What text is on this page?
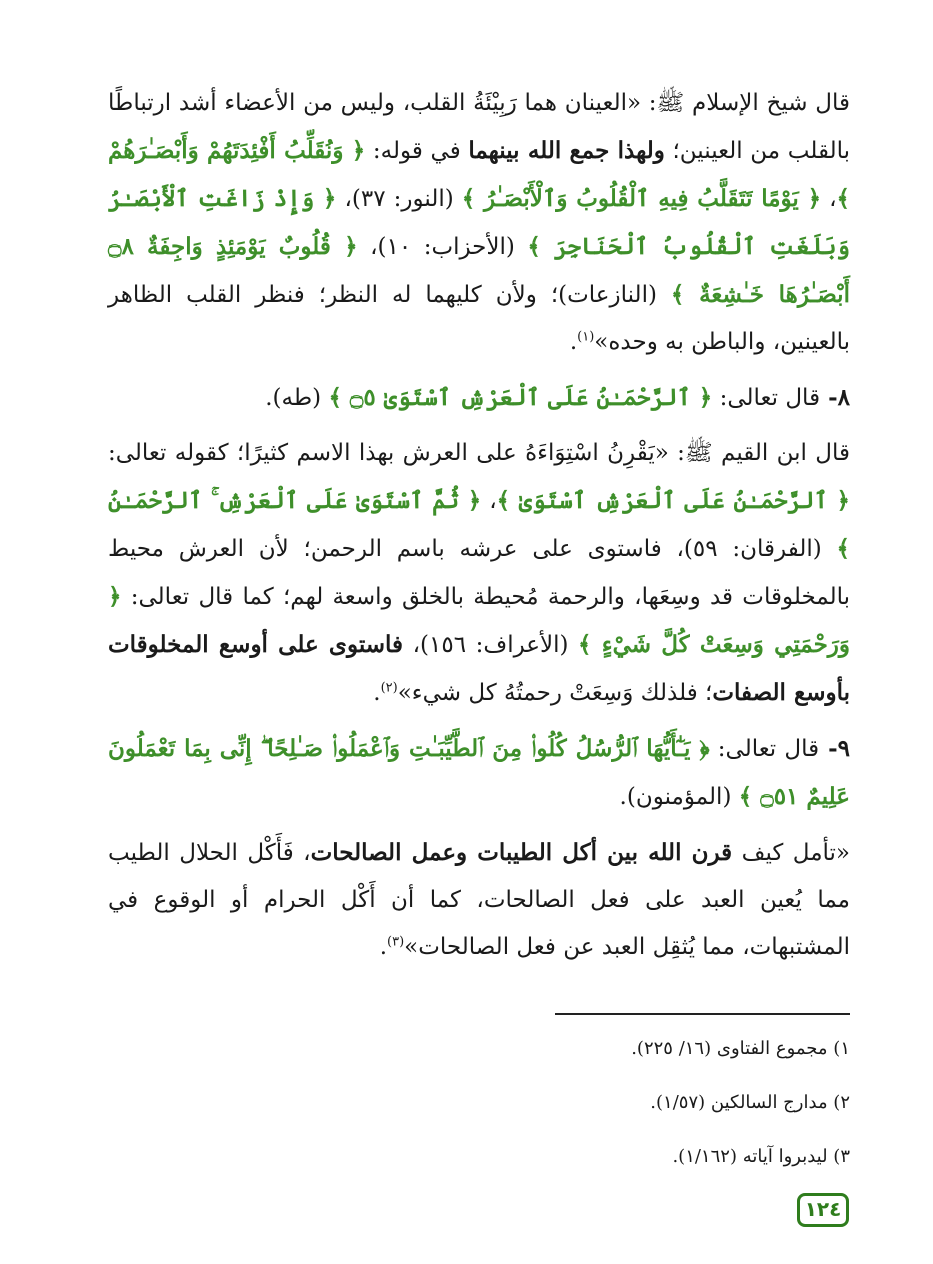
قال شيخ الإسلام ﷺ: «العينان هما رَبِيْئَةُ القلب، وليس من الأعضاء أشد ارتباطًا بالقلب من العينين؛ ولهذا جمع الله بينهما في قوله: ﴿ وَنُقَلِّبُ أَفْئِدَتَهُمْ وَأَبْصَـٰرَهُمْ ﴾، ﴿ يَوْمًا تَتَقَلَّبُ فِيهِ ٱلْقُلُوبُ وَٱلْأَبْصَـٰرُ ﴾ (النور: ٣٧)، ﴿ وَإِذْ زَاغَتِ ٱلْأَبْصَـٰرُ وَبَلَغَتِ ٱلْقُلُوبُ ٱلْحَنَاجِرَ ﴾ (الأحزاب: ١٠)، ﴿ قُلُوبٌ يَوْمَئِذٍ وَاجِفَةٌ ۝٨ أَبْصَـٰرُهَا خَـٰشِعَةٌ ﴾ (النازعات)؛ ولأن كليهما له النظر؛ فنظر القلب الظاهر بالعينين، والباطن به وحده»$^{(١)}$.

٨- قال تعالى: ﴿ ٱلرَّحْمَـٰنُ عَلَى ٱلْعَرْشِ ٱسْتَوَىٰ ۝٥ ﴾ (طه).

قال ابن القيم ﷺ: «يَقْرِنُ اسْتِوَاءَهُ على العرش بهذا الاسم كثيرًا؛ كقوله تعالى: ﴿ ٱلرَّحْمَـٰنُ عَلَى ٱلْعَرْشِ ٱسْتَوَىٰ ﴾، ﴿ ثُمَّ ٱسْتَوَىٰ عَلَى ٱلْعَرْشِ ۚ ٱلرَّحْمَـٰنُ ﴾ (الفرقان: ٥٩)، فاستوى على عرشه باسم الرحمن؛ لأن العرش محيط بالمخلوقات قد وسِعَها، والرحمة مُحيطة بالخلق واسعة لهم؛ كما قال تعالى: ﴿ وَرَحْمَتِي وَسِعَتْ كُلَّ شَيْءٍ ﴾ (الأعراف: ١٥٦)، فاستوى على أوسع المخلوقات بأوسع الصفات؛ فلذلك وَسِعَتْ رحمتُهُ كل شيء»$^{(٢)}$.

٩- قال تعالى: ﴿ يَـٰٓأَيُّهَا ٱلرُّسُلُ كُلُوا۟ مِنَ ٱلطَّيِّبَـٰتِ وَٱعْمَلُوا۟ صَـٰلِحًا ۖ إِنِّى بِمَا تَعْمَلُونَ عَلِيمٌ ۝٥١ ﴾ (المؤمنون).

«تأمل كيف قرن الله بين أكل الطيبات وعمل الصالحات، فَأَكْل الحلال الطيب مما يُعين العبد على فعل الصالحات، كما أن أَكْل الحرام أو الوقوع في المشتبهات، مما يُثقِل العبد عن فعل الصالحات»$^{(٣)}$.

١) مجموع الفتاوى (١٦/ ٢٢٥).
٢) مدارج السالكين (١/٥٧).
٣) ليدبروا آياته (١/١٦٢).
١٢٤
